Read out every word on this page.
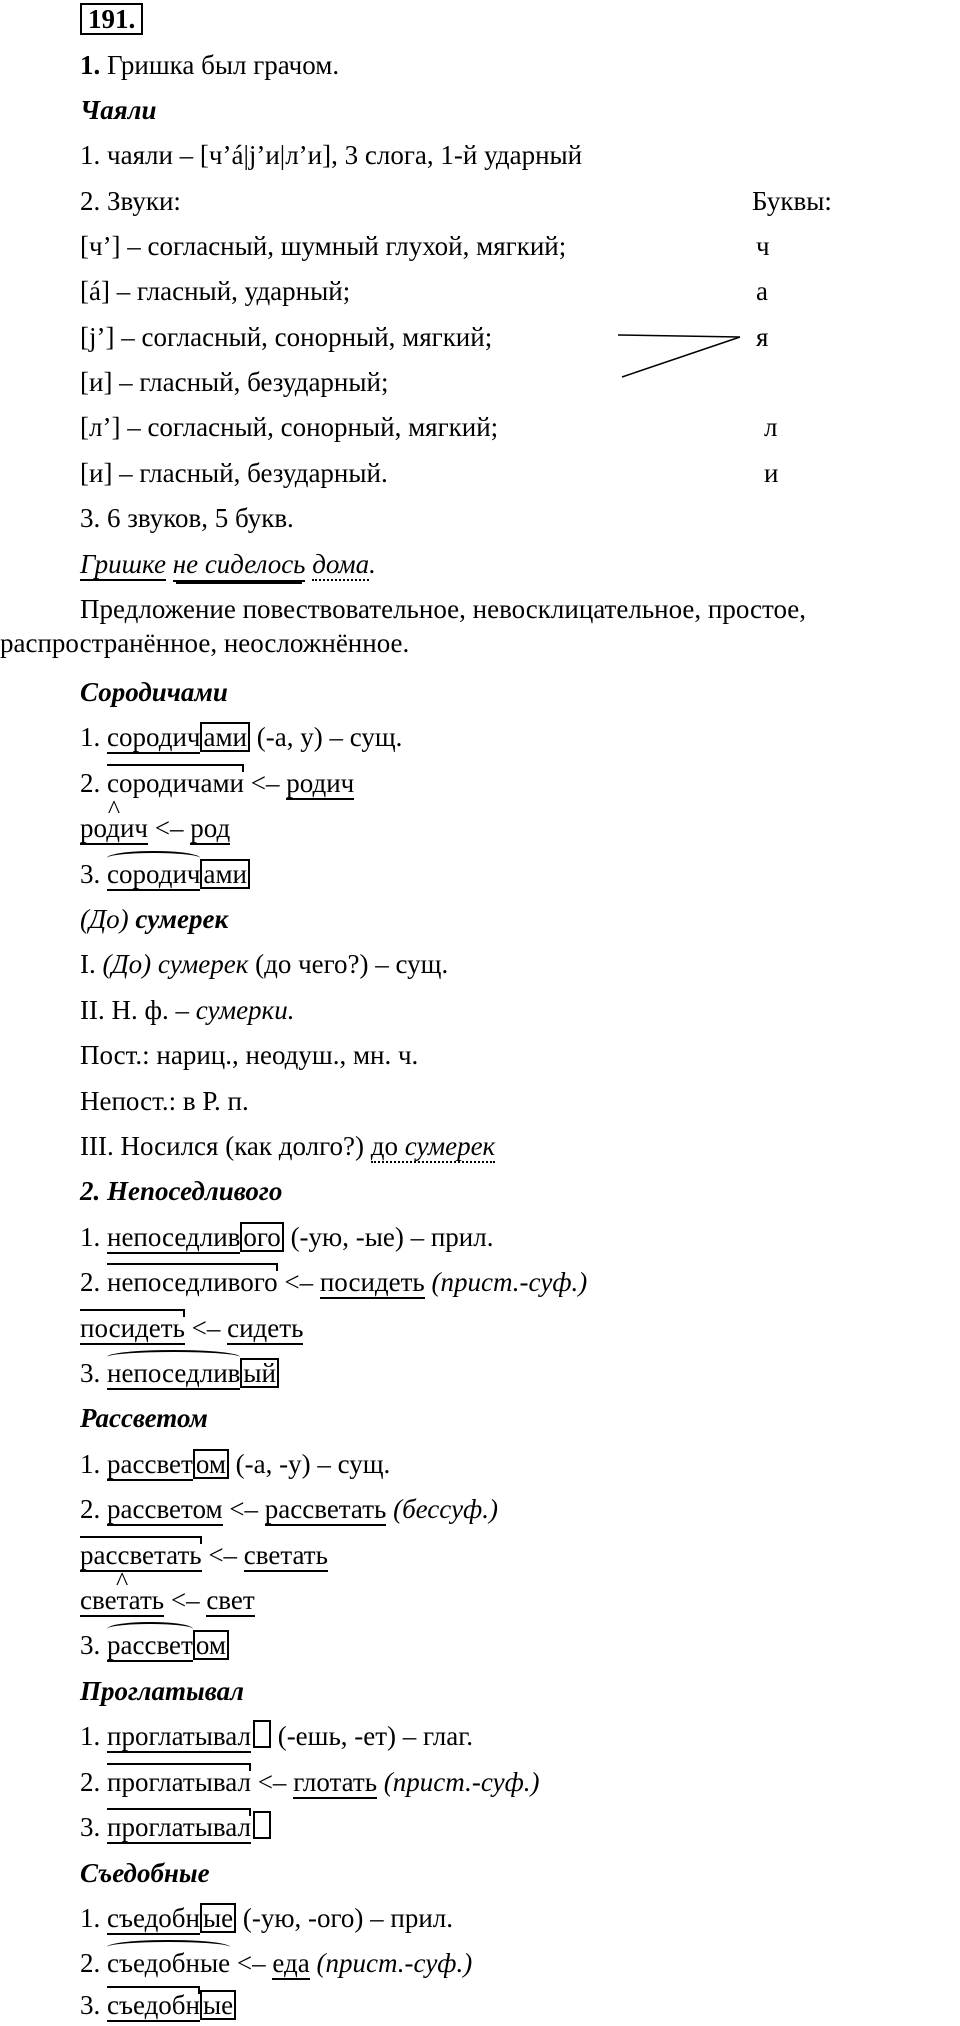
191.
1. Гришка был грачом.
Чаяли
1. чаяли – [ч’á|j’и|л’и], 3 слога, 1-й ударный
2. Звуки:	Буквы:
[ч’] – согласный, шумный глухой, мягкий;
[á] – гласный, ударный;
[j’] – согласный, сонорный, мягкий;
[и] – гласный, безударный;
[л’] – согласный, сонорный, мягкий;
[и] – гласный, безударный.
ч
а
я
л
и
3. 6 звуков, 5 букв.
Гришке не сиделось дома.
Предложение повествовательное, невосклицательное, простое, распространённое, неосложнённое.
Сородичами
1. сородич ами (-а, у) – сущ.
2. сородичами <– родич
^ родич <– род
3. сородич ами
(До) сумерек
I. (До) сумерек (до чего?) – сущ.
II. Н. ф. – сумерки.
Пост.: нариц., неодуш., мн. ч.
Непост.: в Р. п.
III. Носился (как долго?) до сумерек
2. Непоседливого
1. непоседлив ого (-ую, -ые) – прил.
2. непоседливого <– посидеть (прист.-суф.)
посидеть <– сидеть
3. непоседлив ый
Рассветом
1. рассвет ом (-а, -у) – сущ.
2. рассветом <– рассветать (бессуф.)
рассветать <– светать
^ светать <– свет
3. рассвет ом
Проглатывал
1. проглатывал (-ешь, -ет) – глаг.
2. проглатывал <– глотать (прист.-суф.)
3. проглатывал
Съедобные
1. съедобн ые (-ую, -ого) – прил.
2. съедобные <– еда (прист.-суф.)
3. съедобн ые
